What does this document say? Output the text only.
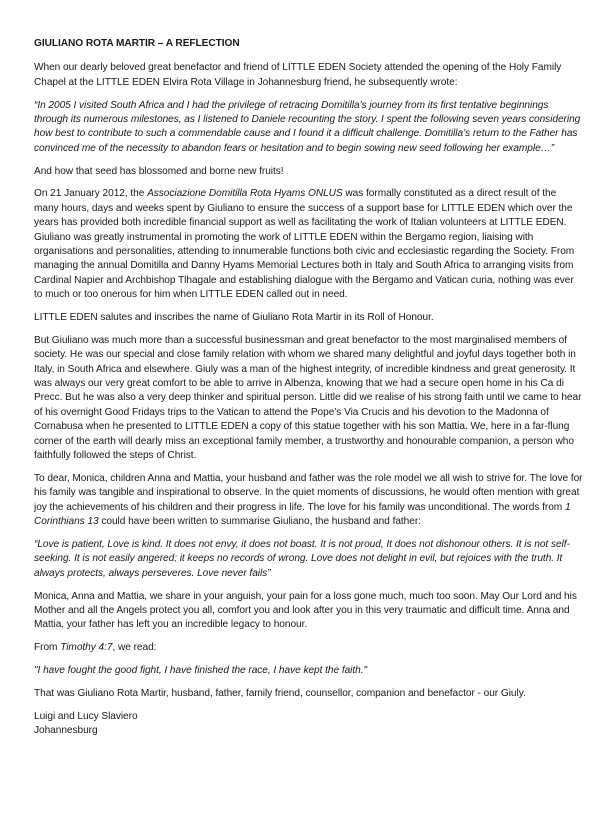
GIULIANO ROTA MARTIR – A REFLECTION

When our dearly beloved great benefactor and friend of LITTLE EDEN Society attended the opening of the Holy Family Chapel at the LITTLE EDEN Elvira Rota Village in Johannesburg friend, he subsequently wrote:

“In 2005 I visited South Africa and I had the privilege of retracing Domitilla’s journey from its first tentative beginnings through its numerous milestones, as I listened to Daniele recounting the story. I spent the following seven years considering how best to contribute to such a commendable cause and I found it a difficult challenge. Domitilla’s return to the Father has convinced me of the necessity to abandon fears or hesitation and to begin sowing new seed following her example…”

And how that seed has blossomed and borne new fruits!

On 21 January 2012, the Associazione Domitilla Rota Hyams ONLUS was formally constituted as a direct result of the many hours, days and weeks spent by Giuliano to ensure the success of a support base for LITTLE EDEN which over the years has provided both incredible financial support as well as facilitating the work of Italian volunteers at LITTLE EDEN. Giuliano was greatly instrumental in promoting the work of LITTLE EDEN within the Bergamo region, liaising with organisations and personalities, attending to innumerable functions both civic and ecclesiastic regarding the Society. From managing the annual Domitilla and Danny Hyams Memorial Lectures both in Italy and South Africa to arranging visits from Cardinal Napier and Archbishop Tlhagale and establishing dialogue with the Bergamo and Vatican curia, nothing was ever to much or too onerous for him when LITTLE EDEN called out in need.

LITTLE EDEN salutes and inscribes the name of Giuliano Rota Martir in its Roll of Honour.

But Giuliano was much more than a successful businessman and great benefactor to the most marginalised members of society. He was our special and close family relation with whom we shared many delightful and joyful days together both in Italy, in South Africa and elsewhere. Giuly was a man of the highest integrity, of incredible kindness and great generosity. It was always our very great comfort to be able to arrive in Albenza, knowing that we had a secure open home in his Ca di Precc. But he was also a very deep thinker and spiritual person. Little did we realise of his strong faith until we came to hear of his overnight Good Fridays trips to the Vatican to attend the Pope’s Via Crucis and his devotion to the Madonna of Cornabusa when he presented to LITTLE EDEN a copy of this statue together with his son Mattia. We, here in a far-flung corner of the earth will dearly miss an exceptional family member, a trustworthy and honourable companion, a person who faithfully followed the steps of Christ.

To dear, Monica, children Anna and Mattia, your husband and father was the role model we all wish to strive for. The love for his family was tangible and inspirational to observe. In the quiet moments of discussions, he would often mention with great joy the achievements of his children and their progress in life. The love for his family was unconditional. The words from 1 Corinthians 13 could have been written to summarise Giuliano, the husband and father:

“Love is patient, Love is kind. It does not envy, it does not boast. It is not proud, It does not dishonour others. It is not self-seeking. It is not easily angered; it keeps no records of wrong. Love does not delight in evil, but rejoices with the truth. It always protects, always perseveres. Love never fails”

Monica, Anna and Mattia, we share in your anguish, your pain for a loss gone much, much too soon. May Our Lord and his Mother and all the Angels protect you all, comfort you and look after you in this very traumatic and difficult time. Anna and Mattia, your father has left you an incredible legacy to honour.

From Timothy 4:7, we read:

"I have fought the good fight, I have finished the race, I have kept the faith."

That was Giuliano Rota Martir, husband, father, family friend, counsellor, companion and benefactor - our Giuly.

Luigi and Lucy Slaviero

Johannesburg
